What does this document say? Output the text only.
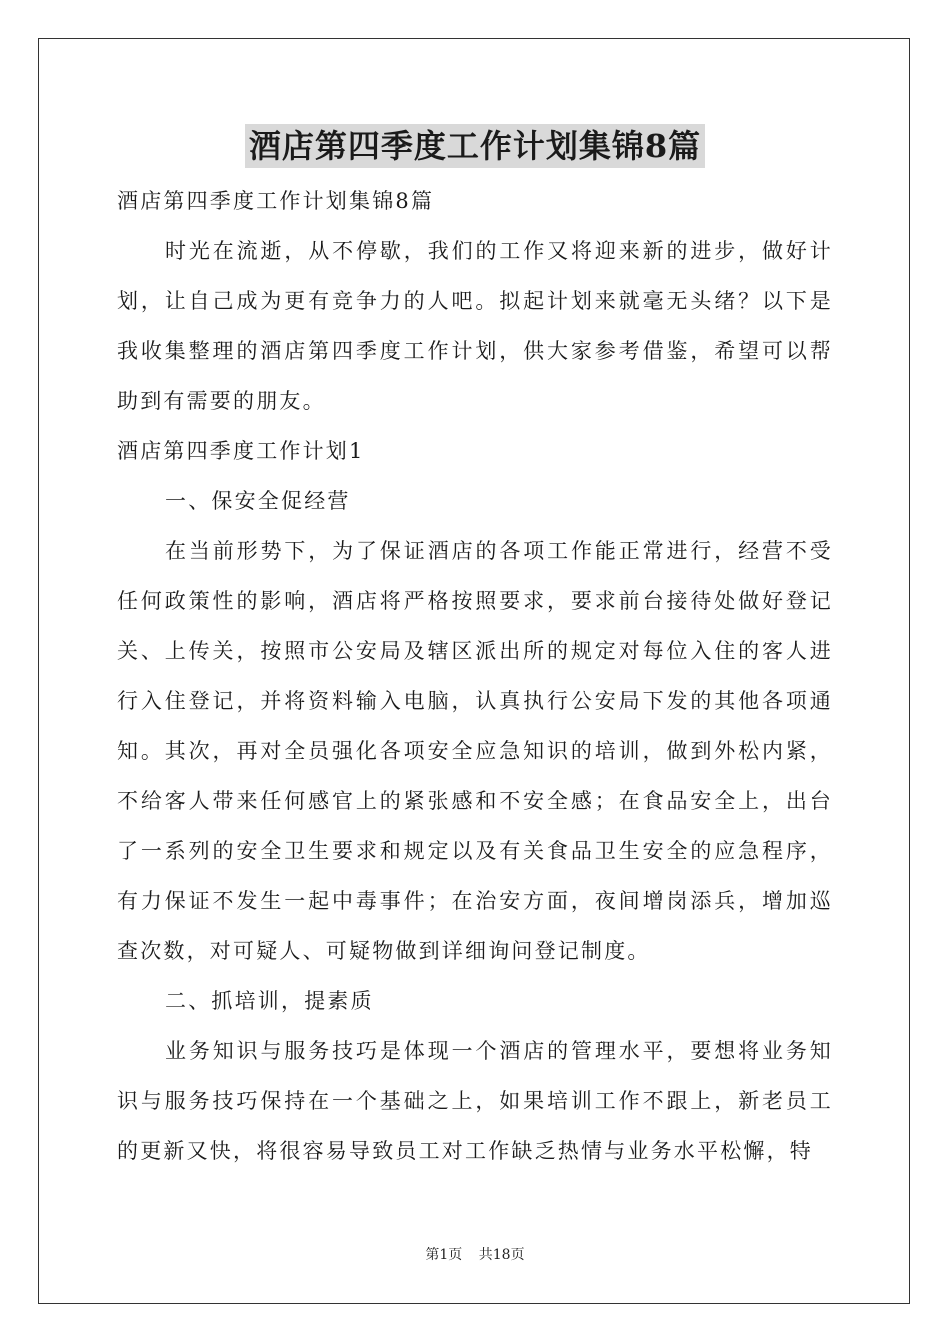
酒店第四季度工作计划集锦8篇

酒店第四季度工作计划集锦8篇

时光在流逝，从不停歇，我们的工作又将迎来新的进步，做好计划，让自己成为更有竞争力的人吧。拟起计划来就毫无头绪？以下是我收集整理的酒店第四季度工作计划，供大家参考借鉴，希望可以帮助到有需要的朋友。

酒店第四季度工作计划1

一、保安全促经营

在当前形势下，为了保证酒店的各项工作能正常进行，经营不受任何政策性的影响，酒店将严格按照要求，要求前台接待处做好登记关、上传关，按照市公安局及辖区派出所的规定对每位入住的客人进行入住登记，并将资料输入电脑，认真执行公安局下发的其他各项通知。其次，再对全员强化各项安全应急知识的培训，做到外松内紧，不给客人带来任何感官上的紧张感和不安全感；在食品安全上，出台了一系列的安全卫生要求和规定以及有关食品卫生安全的应急程序，有力保证不发生一起中毒事件；在治安方面，夜间增岗添兵，增加巡查次数，对可疑人、可疑物做到详细询问登记制度。

二、抓培训，提素质

业务知识与服务技巧是体现一个酒店的管理水平，要想将业务知识与服务技巧保持在一个基础之上，如果培训工作不跟上，新老员工的更新又快，将很容易导致员工对工作缺乏热情与业务水平松懈，特

第1页 共18页
